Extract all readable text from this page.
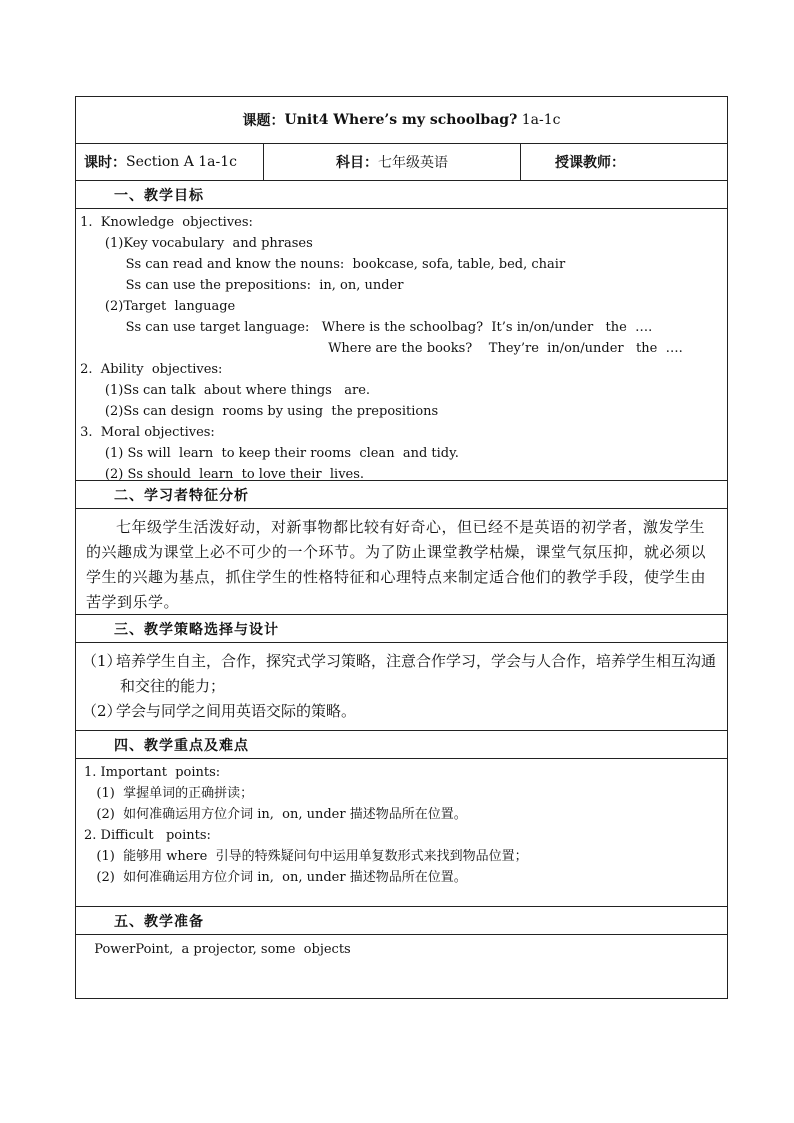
课题： Unit4 Where’s my schoolbag? 1a-1c
课时： Section A 1a-1c	科目： 七年级英语	授课教师：
一、教学目标
1.  Knowledge  objectives:
(1)Key vocabulary  and phrases
Ss can read and know the nouns:  bookcase, sofa, table, bed, chair
Ss can use the prepositions:  in, on, under
(2)Target  language
Ss can use target language:   Where is the schoolbag?  It’s in/on/under   the  ….
Where are the books?    They’re  in/on/under   the  ….
2.  Ability  objectives:
(1)Ss can talk  about where things   are.
(2)Ss can design  rooms by using  the prepositions
3.  Moral objectives:
(1) Ss will  learn  to keep their rooms  clean  and tidy.
(2) Ss should  learn  to love their  lives.
二、学习者特征分析
七年级学生活泼好动，对新事物都比较有好奇心，但已经不是英语的初学者，激发学生的兴趣成为课堂上必不可少的一个环节。为了防止课堂教学枯燥，课堂气氛压抑，就必须以学生的兴趣为基点，抓住学生的性格特征和心理特点来制定适合他们的教学手段，使学生由苦学到乐学。
三、教学策略选择与设计
（1）培养学生自主，合作，探究式学习策略，注意合作学习，学会与人合作，培养学生相互沟通和交往的能力；
（2）学会与同学之间用英语交际的策略。
四、教学重点及难点
1. Important  points:
(1)  掌握单词的正确拼读；
(2)  如何准确运用方位介词 in,  on, under 描述物品所在位置。
2. Difficult   points:
(1)  能够用 where  引导的特殊疑问句中运用单复数形式来找到物品位置；
(2)  如何准确运用方位介词 in,  on, under 描述物品所在位置。
五、教学准备
PowerPoint,  a projector, some  objects
